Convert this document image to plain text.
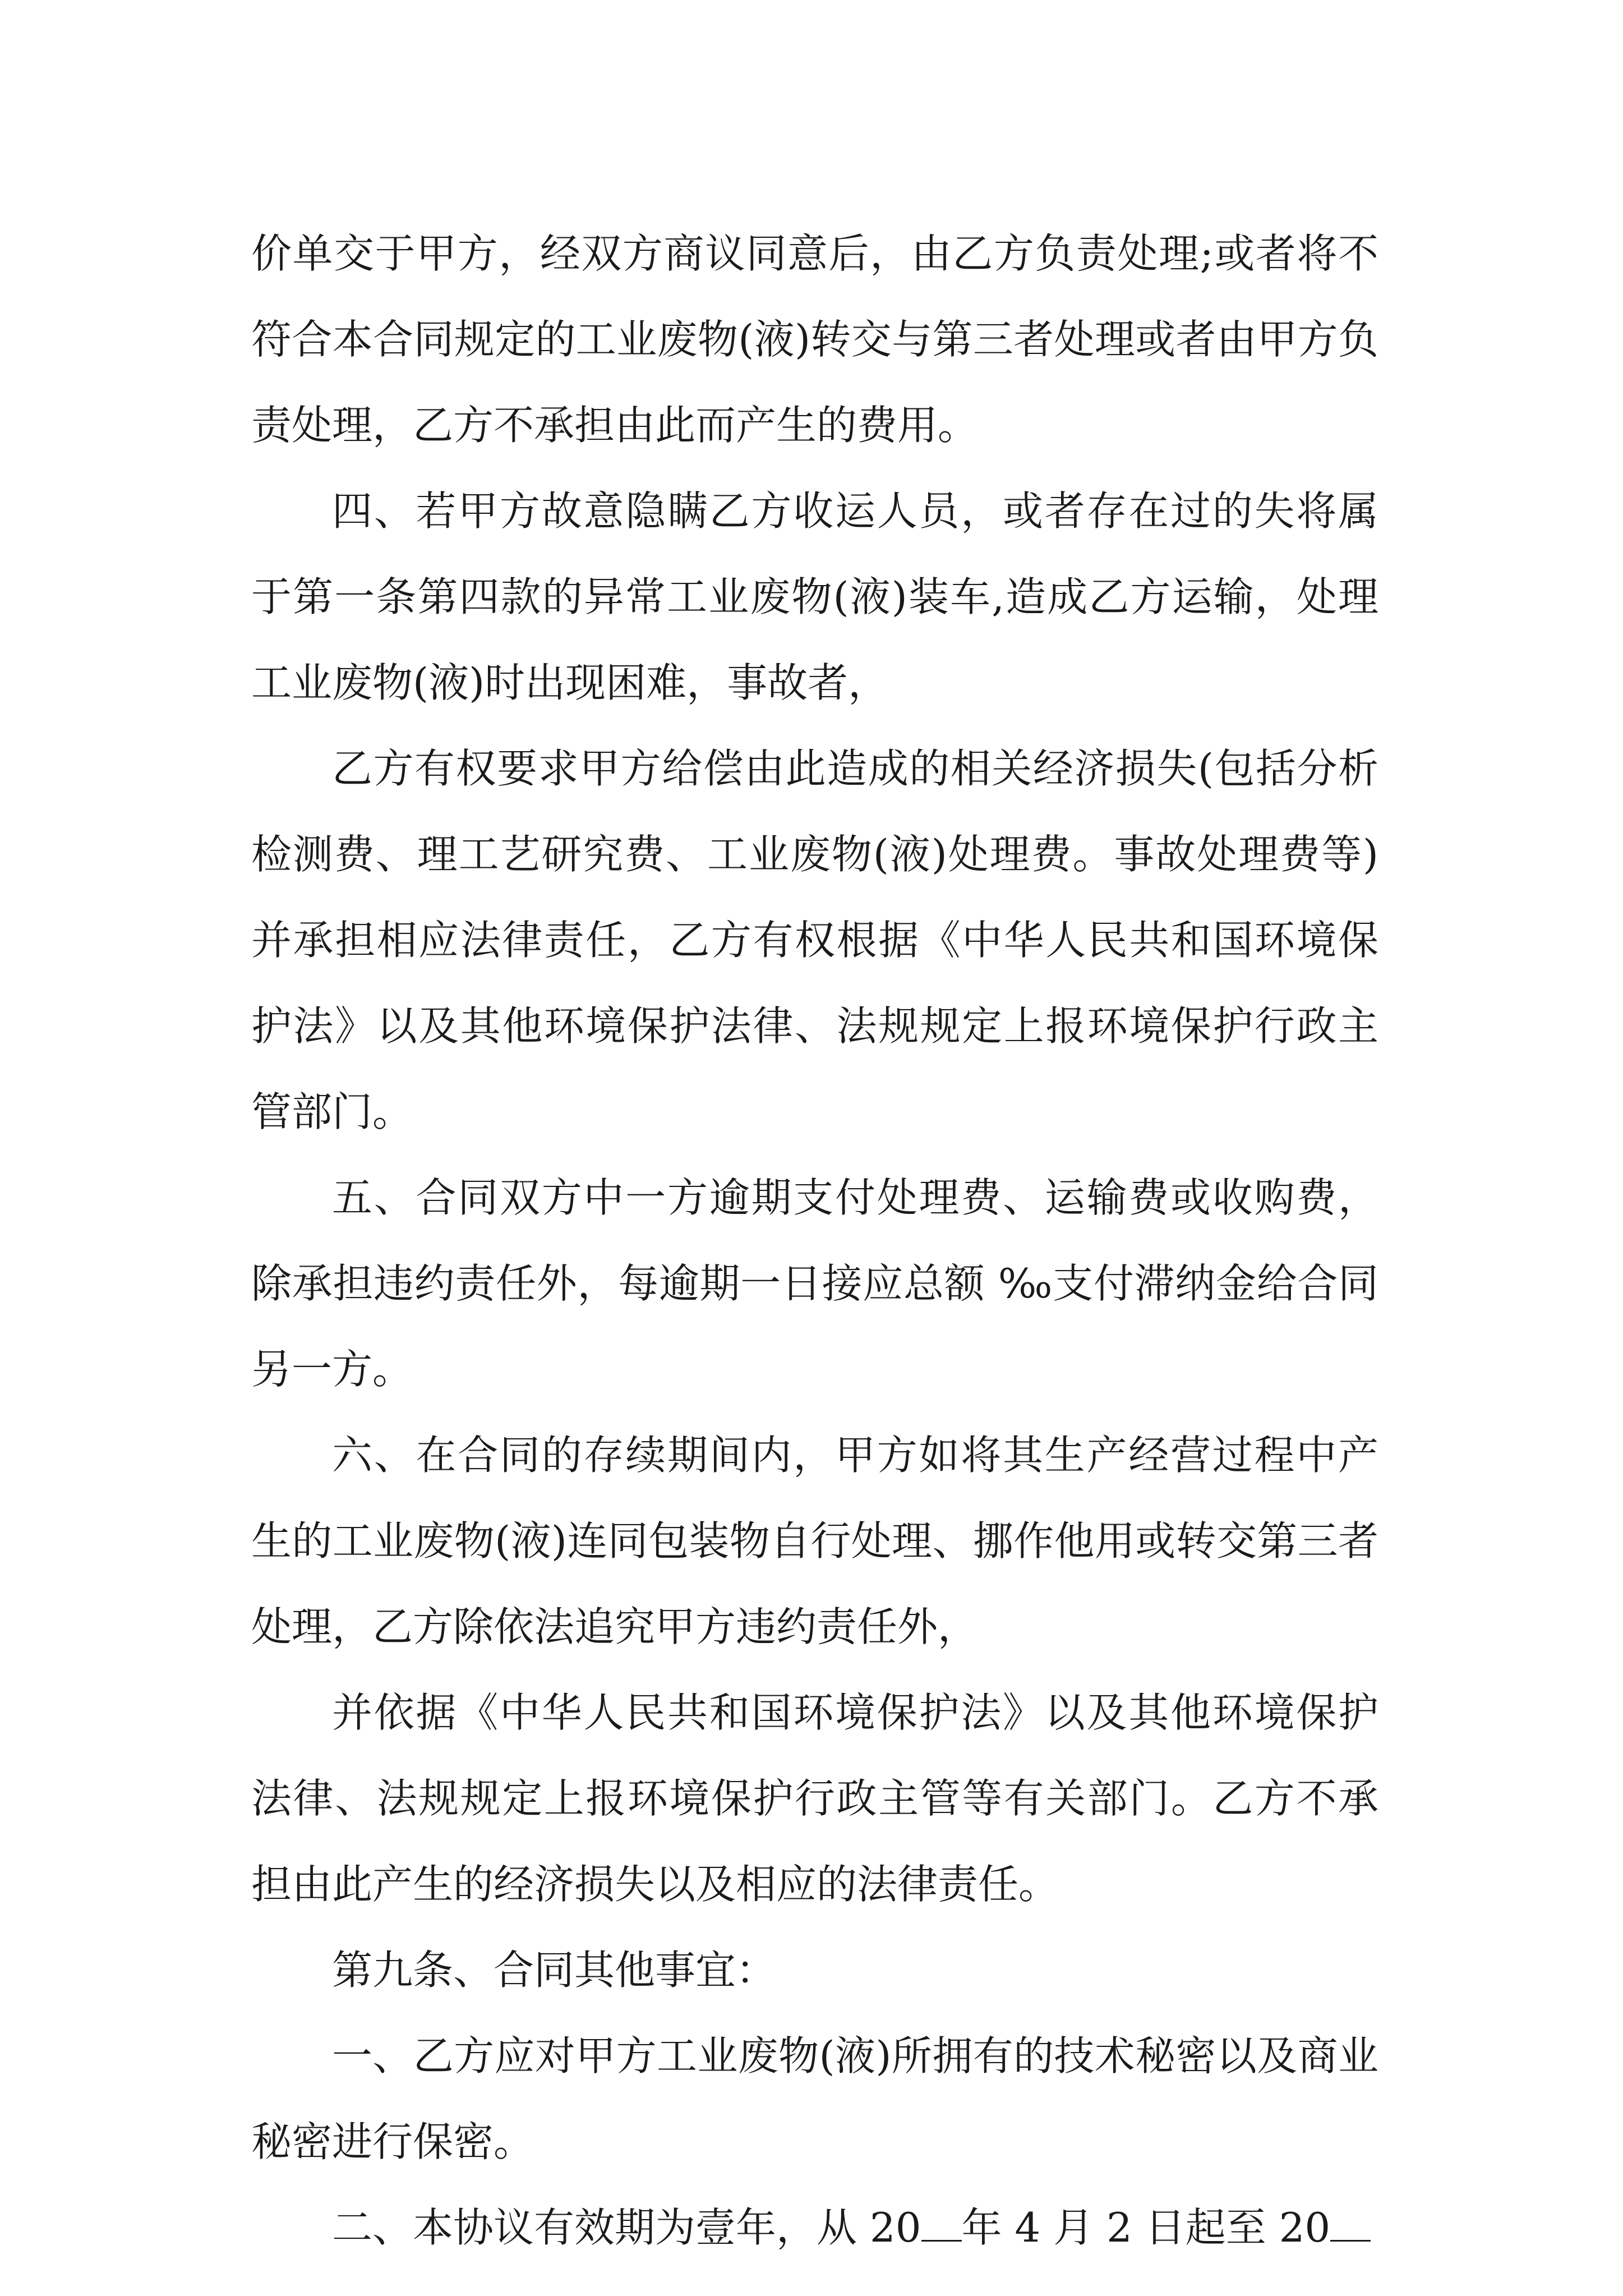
价单交于甲方，经双方商议同意后，由乙方负责处理;或者将不符合本合同规定的工业废物(液)转交与第三者处理或者由甲方负责处理，乙方不承担由此而产生的费用。

四、若甲方故意隐瞒乙方收运人员，或者存在过的失将属于第一条第四款的异常工业废物(液)装车,造成乙方运输，处理工业废物(液)时出现困难，事故者，

乙方有权要求甲方给偿由此造成的相关经济损失(包括分析检测费、理工艺研究费、工业废物(液)处理费。事故处理费等)并承担相应法律责任，乙方有权根据《中华人民共和国环境保护法》以及其他环境保护法律、法规规定上报环境保护行政主管部门。

五、合同双方中一方逾期支付处理费、运输费或收购费，除承担违约责任外，每逾期一日接应总额 ‰支付滞纳金给合同另一方。

六、在合同的存续期间内，甲方如将其生产经营过程中产生的工业废物(液)连同包装物自行处理、挪作他用或转交第三者处理，乙方除依法追究甲方违约责任外，

并依据《中华人民共和国环境保护法》以及其他环境保护法律、法规规定上报环境保护行政主管等有关部门。乙方不承担由此产生的经济损失以及相应的法律责任。

第九条、合同其他事宜：

一、乙方应对甲方工业废物(液)所拥有的技术秘密以及商业秘密进行保密。

二、本协议有效期为壹年，从 20 年 4 月 2 日起至 20
